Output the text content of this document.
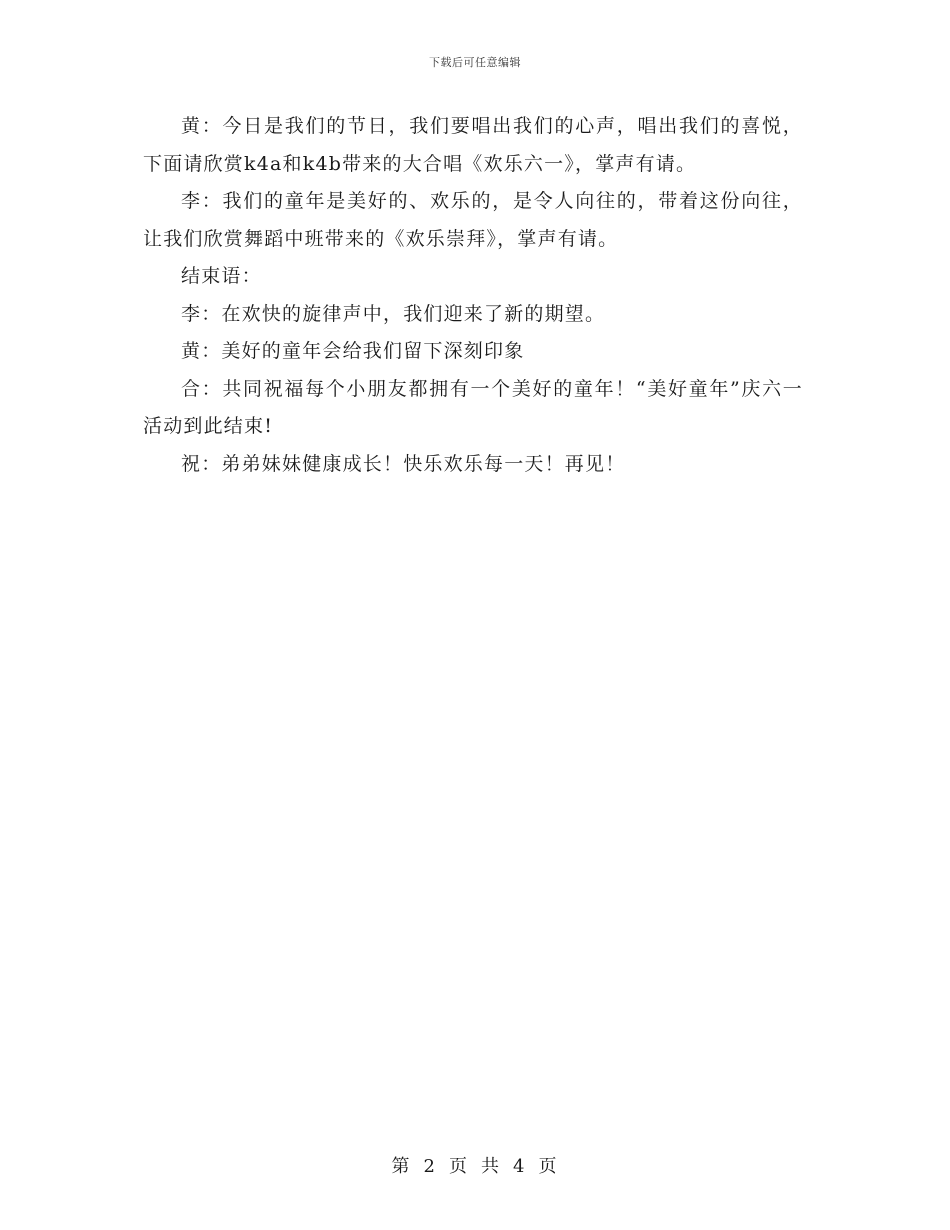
下载后可任意编辑

黄：今日是我们的节日，我们要唱出我们的心声，唱出我们的喜悦，下面请欣赏k4a和k4b带来的大合唱《欢乐六一》，掌声有请。

李：我们的童年是美好的、欢乐的，是令人向往的，带着这份向往，让我们欣赏舞蹈中班带来的《欢乐崇拜》，掌声有请。

结束语：

李：在欢快的旋律声中，我们迎来了新的期望。

黄：美好的童年会给我们留下深刻印象

合：共同祝福每个小朋友都拥有一个美好的童年！“美好童年”庆六一活动到此结束!

祝：弟弟妹妹健康成长！快乐欢乐每一天！再见！

第 2 页 共 4 页
